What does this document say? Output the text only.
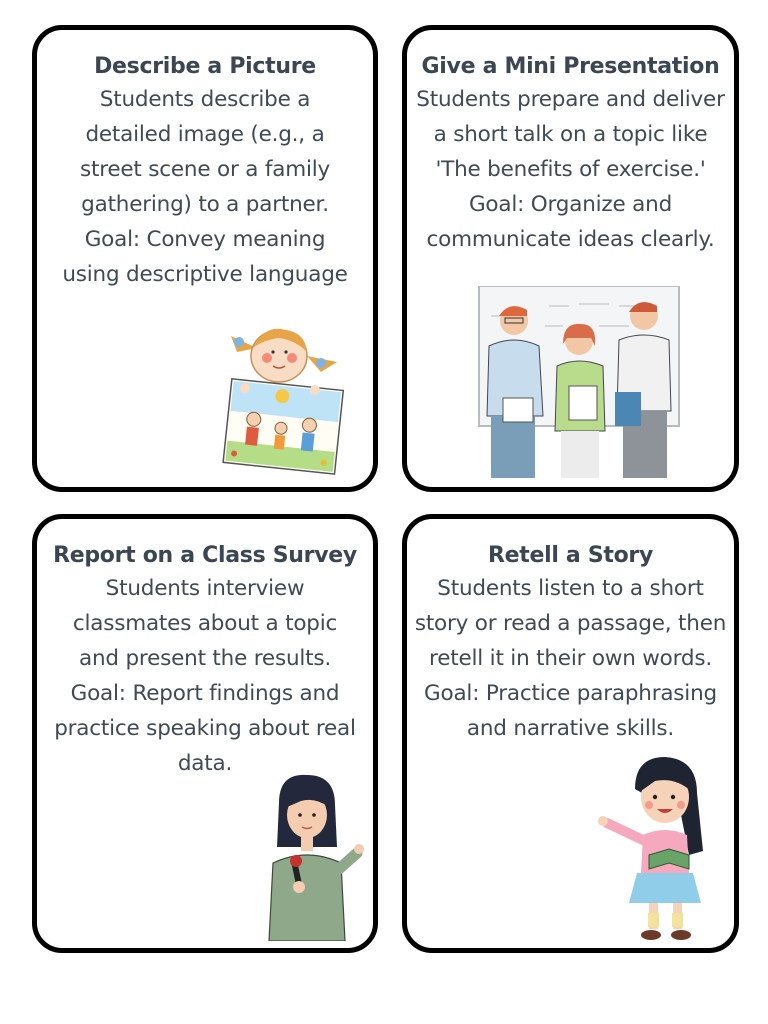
Describe a Picture
Students describe a
detailed image (e.g., a
street scene or a family
gathering) to a partner.
Goal: Convey meaning
using descriptive language
Give a Mini Presentation
Students prepare and deliver
a short talk on a topic like
'The benefits of exercise.'
Goal: Organize and
communicate ideas clearly.
Report on a Class Survey
Students interview
classmates about a topic
and present the results.
Goal: Report findings and
practice speaking about real
data.
Retell a Story
Students listen to a short
story or read a passage, then
retell it in their own words.
Goal: Practice paraphrasing
and narrative skills.
